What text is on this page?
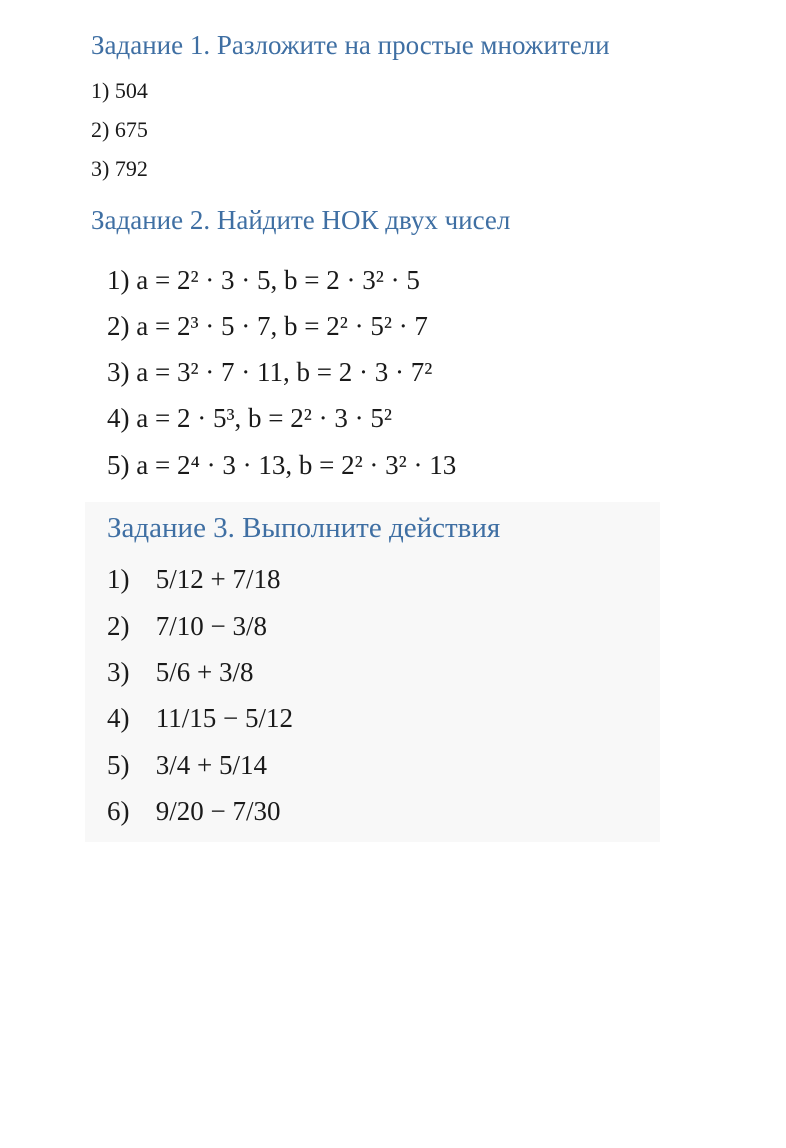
Задание 1. Разложите на простые множители
1) 504
2) 675
3) 792
Задание 2. Найдите НОК двух чисел
1) a = 2² · 3 · 5, b = 2 · 3² · 5
2) a = 2³ · 5 · 7, b = 2² · 5² · 7
3) a = 3² · 7 · 11, b = 2 · 3 · 7²
4) a = 2 · 5³, b = 2² · 3 · 5²
5) a = 2⁴ · 3 · 13, b = 2² · 3² · 13
Задание 3. Выполните действия
1) 5/12 + 7/18
2) 7/10 − 3/8
3) 5/6 + 3/8
4) 11/15 − 5/12
5) 3/4 + 5/14
6) 9/20 − 7/30
